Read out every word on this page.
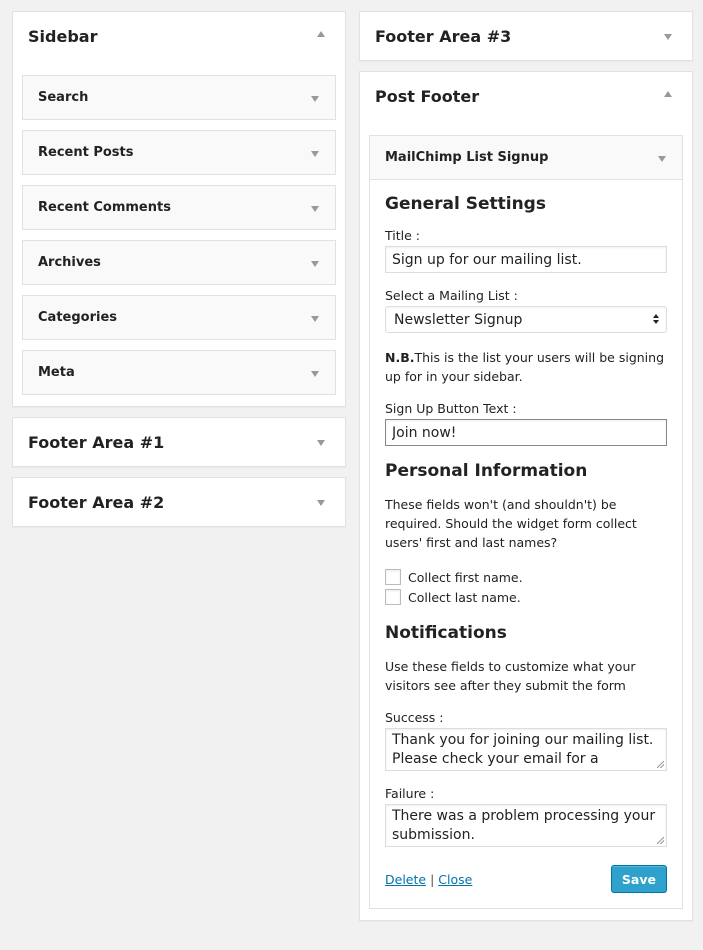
Sidebar
Search
Recent Posts
Recent Comments
Archives
Categories
Meta
Footer Area #1
Footer Area #2
Footer Area #3
Post Footer
MailChimp List Signup
General Settings
Title :
Sign up for our mailing list.
Select a Mailing List :
Newsletter Signup

N.B.This is the list your users will be signing up for in your sidebar.

Sign Up Button Text :
Join now!
Personal Information

These fields won't (and shouldn't) be required. Should the widget form collect users' first and last names?

Collect first name.
Collect last name.
Notifications

Use these fields to customize what your visitors see after they submit the form

Success :
Thank you for joining our mailing list. Please check your email for a
Failure :
There was a problem processing your submission.
Delete | Close	Save
